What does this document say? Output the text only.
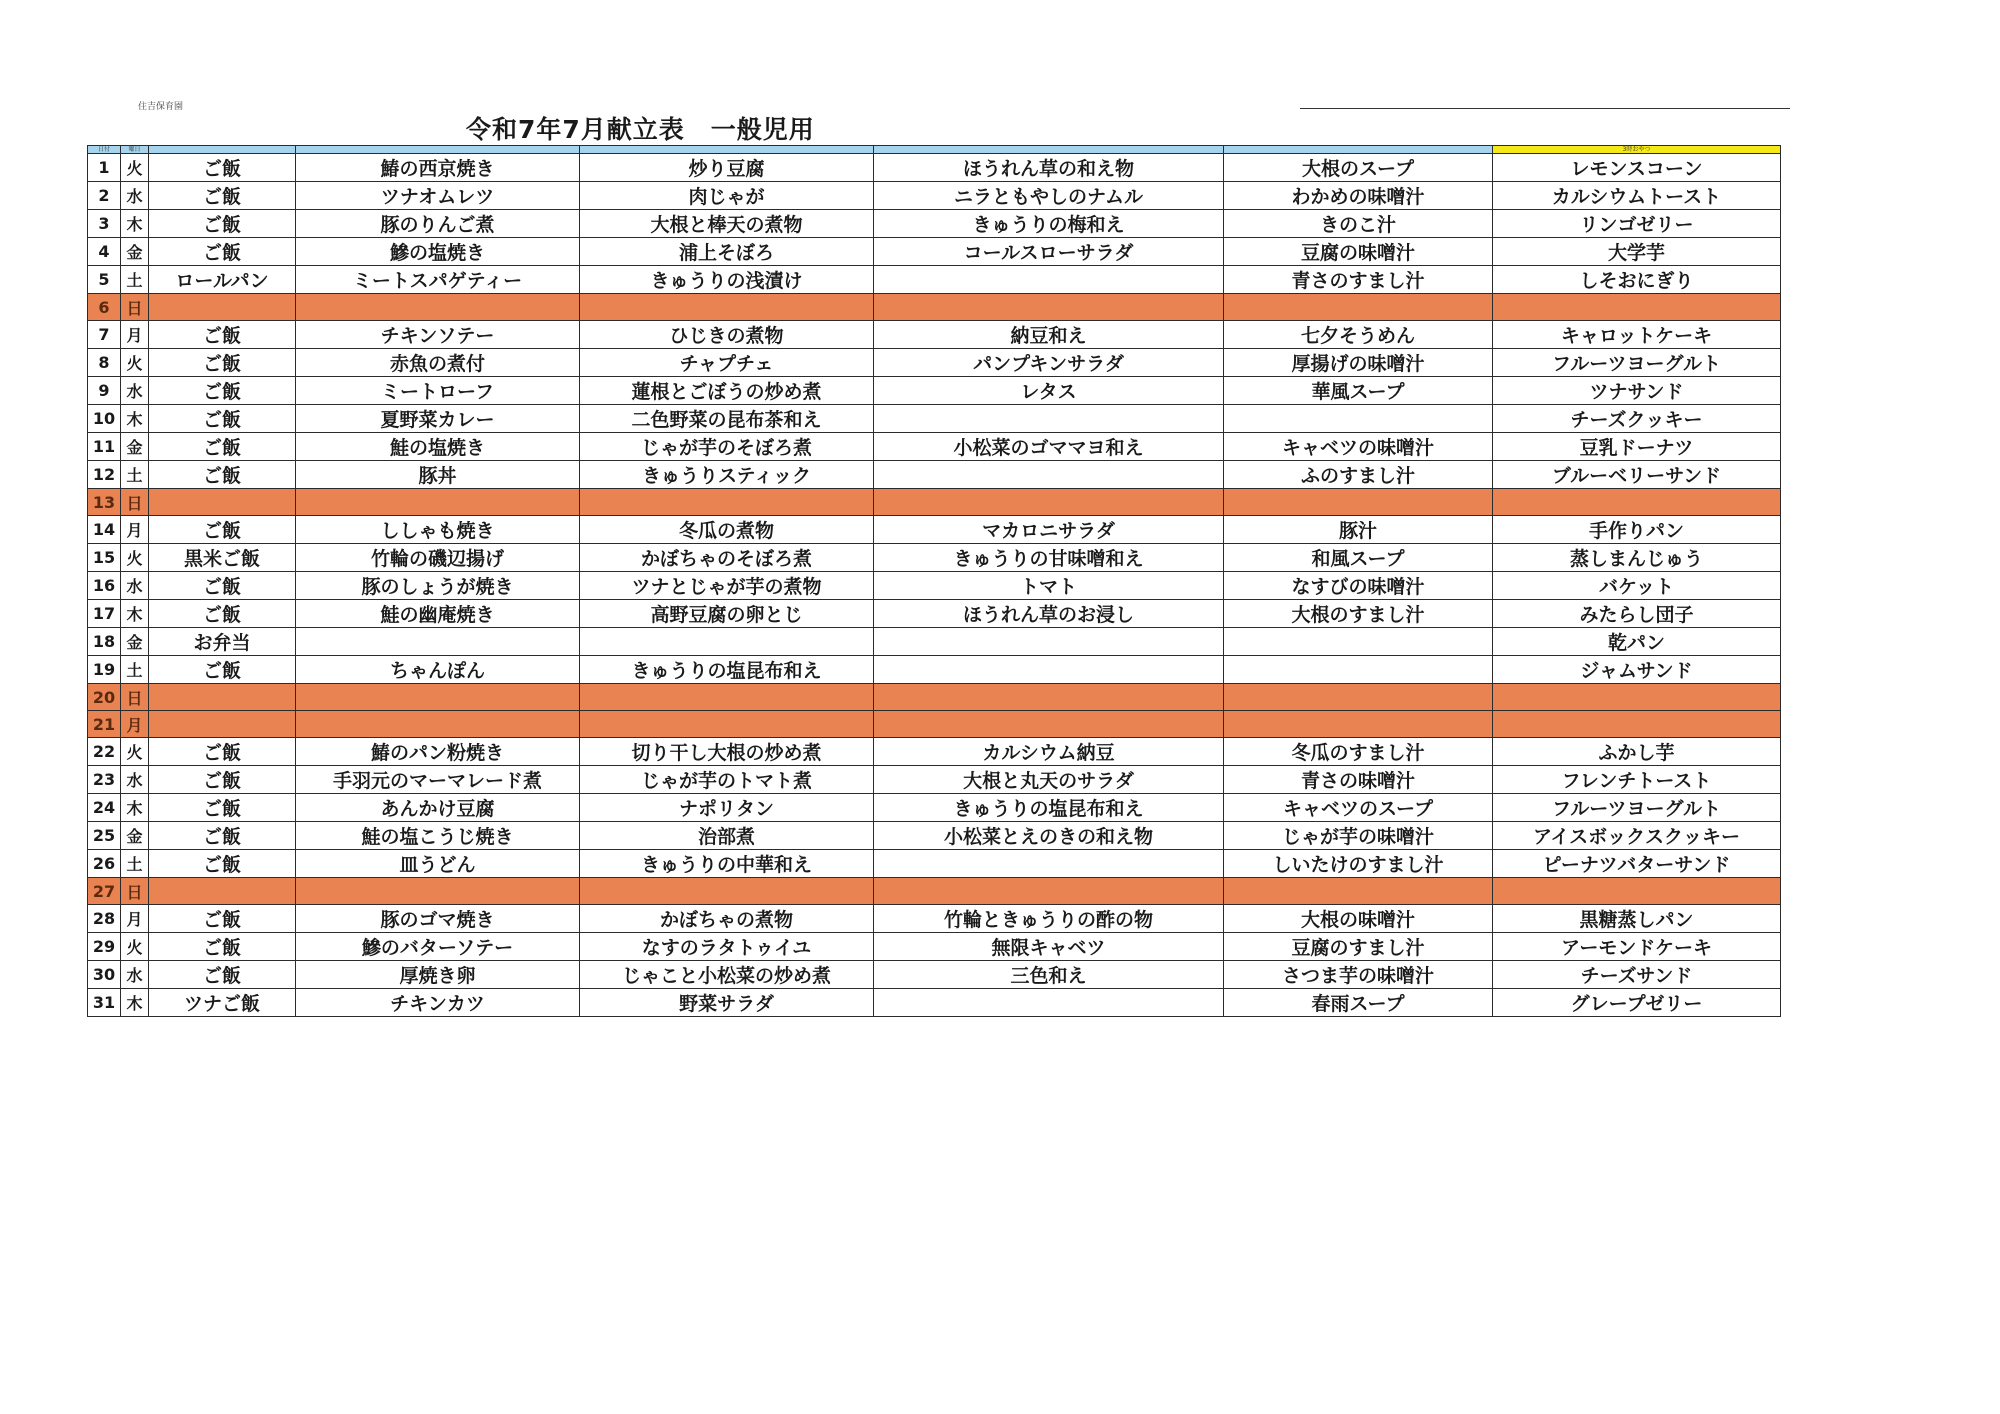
住吉保育園
令和7年7月献立表　一般児用
日付	曜日						3時おやつ
1	火	ご飯	鰆の西京焼き	炒り豆腐	ほうれん草の和え物	大根のスープ	レモンスコーン
2	水	ご飯	ツナオムレツ	肉じゃが	ニラともやしのナムル	わかめの味噌汁	カルシウムトースト
3	木	ご飯	豚のりんご煮	大根と棒天の煮物	きゅうりの梅和え	きのこ汁	リンゴゼリー
4	金	ご飯	鰺の塩焼き	浦上そぼろ	コールスローサラダ	豆腐の味噌汁	大学芋
5	土	ロールパン	ミートスパゲティー	きゅうりの浅漬け		青さのすまし汁	しそおにぎり
6	日						
7	月	ご飯	チキンソテー	ひじきの煮物	納豆和え	七夕そうめん	キャロットケーキ
8	火	ご飯	赤魚の煮付	チャプチェ	パンプキンサラダ	厚揚げの味噌汁	フルーツヨーグルト
9	水	ご飯	ミートローフ	蓮根とごぼうの炒め煮	レタス	華風スープ	ツナサンド
10	木	ご飯	夏野菜カレー	二色野菜の昆布茶和え			チーズクッキー
11	金	ご飯	鮭の塩焼き	じゃが芋のそぼろ煮	小松菜のゴママヨ和え	キャベツの味噌汁	豆乳ドーナツ
12	土	ご飯	豚丼	きゅうりスティック		ふのすまし汁	ブルーベリーサンド
13	日						
14	月	ご飯	ししゃも焼き	冬瓜の煮物	マカロニサラダ	豚汁	手作りパン
15	火	黒米ご飯	竹輪の磯辺揚げ	かぼちゃのそぼろ煮	きゅうりの甘味噌和え	和風スープ	蒸しまんじゅう
16	水	ご飯	豚のしょうが焼き	ツナとじゃが芋の煮物	トマト	なすびの味噌汁	バケット
17	木	ご飯	鮭の幽庵焼き	高野豆腐の卵とじ	ほうれん草のお浸し	大根のすまし汁	みたらし団子
18	金	お弁当					乾パン
19	土	ご飯	ちゃんぽん	きゅうりの塩昆布和え			ジャムサンド
20	日						
21	月						
22	火	ご飯	鰆のパン粉焼き	切り干し大根の炒め煮	カルシウム納豆	冬瓜のすまし汁	ふかし芋
23	水	ご飯	手羽元のマーマレード煮	じゃが芋のトマト煮	大根と丸天のサラダ	青さの味噌汁	フレンチトースト
24	木	ご飯	あんかけ豆腐	ナポリタン	きゅうりの塩昆布和え	キャベツのスープ	フルーツヨーグルト
25	金	ご飯	鮭の塩こうじ焼き	治部煮	小松菜とえのきの和え物	じゃが芋の味噌汁	アイスボックスクッキー
26	土	ご飯	皿うどん	きゅうりの中華和え		しいたけのすまし汁	ピーナツバターサンド
27	日						
28	月	ご飯	豚のゴマ焼き	かぼちゃの煮物	竹輪ときゅうりの酢の物	大根の味噌汁	黒糖蒸しパン
29	火	ご飯	鰺のバターソテー	なすのラタトゥイユ	無限キャベツ	豆腐のすまし汁	アーモンドケーキ
30	水	ご飯	厚焼き卵	じゃこと小松菜の炒め煮	三色和え	さつま芋の味噌汁	チーズサンド
31	木	ツナご飯	チキンカツ	野菜サラダ		春雨スープ	グレープゼリー
